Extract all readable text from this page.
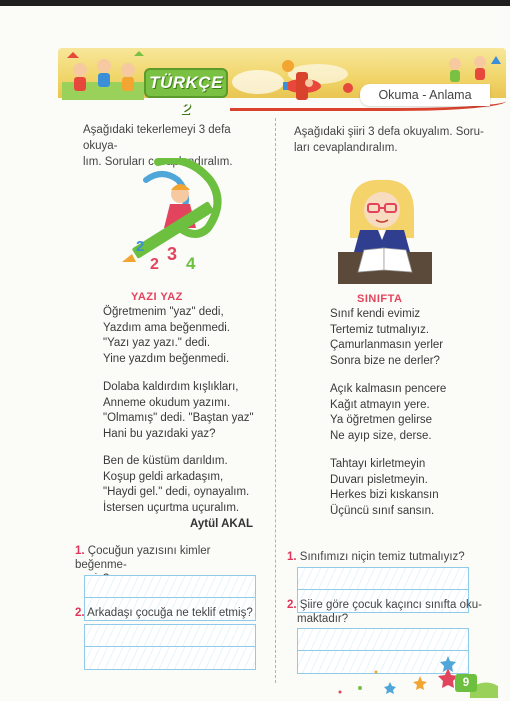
TÜRKÇE 2
Okuma - Anlama
Aşağıdaki tekerlemeyi 3 defa okuya-
lım. Soruları cevaplandıralım.
2 3
2 4
YAZI YAZ
Öğretmenim "yaz" dedi,
Yazdım ama beğenmedi.
"Yazı yaz yazı." dedi.
Yine yazdım beğenmedi.
Dolaba kaldırdım kışlıkları,
Anneme okudum yazımı.
"Olmamış" dedi. "Baştan yaz"
Hani bu yazıdaki yaz?
Ben de küstüm darıldım.
Koşup geldi arkadaşım,
"Haydi gel." dedi, oynayalım.
İstersen uçurtma uçuralım.
Aytül AKAL
1. Çocuğun yazısını kimler beğenme-

2. Arkadaşı çocuğa ne teklif etmiş?
Aşağıdaki şiiri 3 defa okuyalım. Soru-
ları cevaplandıralım.
SINIFTA
Sınıf kendi evimiz
Tertemiz tutmalıyız.
Çamurlanmasın yerler
Sonra bize ne derler?
Açık kalmasın pencere
Kağıt atmayın yere.
Ya öğretmen gelirse
Ne ayıp size, derse.
Tahtayı kirletmeyin
Duvarı pisletmeyin.
Herkes bizi kıskansın
Üçüncü sınıf sansın.
1. Sınıfımızı niçin temiz tutmalıyız?
2. Şiire göre çocuk kaçıncı sınıfta oku-
maktadır?
9
